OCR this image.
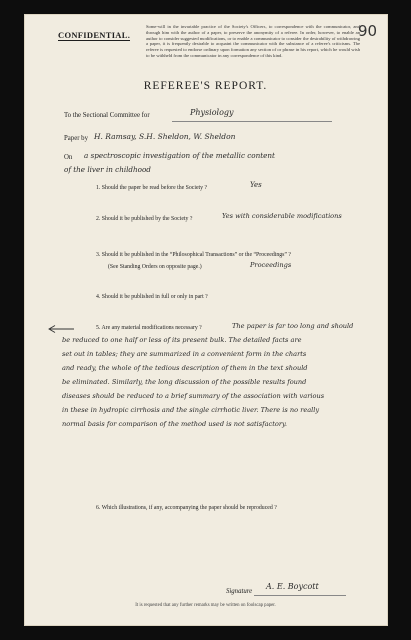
90
CONFIDENTIAL.
Some-will in the invariable practice of the Society's Officers, to correspondence with the communicator, and through him with the author of a paper, to preserve the anonymity of a referee. In order, however, to enable an author to consider suggested modifications, or to enable a communicator to consider the desirability of withdrawing a paper, it is frequently desirable to acquaint the communicator with the substance of a referee's criticisms. The referee is requested to endorse ordinary upon formation any section of or phrase in his report, which he would wish to be withheld from the communicator in any correspondence of this kind.
REFEREE'S REPORT.
To the Sectional Committee for	Physiology
Paper by H. Ramsay, S.H. Sheldon, W. Sheldon
On a spectroscopic investigation of the metallic content
of the liver in childhood
1. Should the paper be read before the Society ?	Yes
2. Should it be published by the Society ?	Yes with considerable modifications
3. Should it be published in the “Philosophical Transactions” or the “Proceedings” ?
(See Standing Orders on opposite page.)	Proceedings
4. Should it be published in full or only in part ?
5. Are any material modifications necessary ?	The paper is far too long and should
be reduced to one half or less of its present bulk. The detailed facts are
set out in tables; they are summarized in a convenient form in the charts
and ready, the whole of the tedious description of them in the text should
be eliminated. Similarly, the long discussion of the possible results found
diseases should be reduced to a brief summary of the association with various
in these in hydropic cirrhosis and the single cirrhotic liver. There is no really
normal basis for comparison of the method used is not satisfactory.
6. Which illustrations, if any, accompanying the paper should be reproduced ?
Signature
A. E. Boycott
It is requested that any further remarks may be written on foolscap paper.
